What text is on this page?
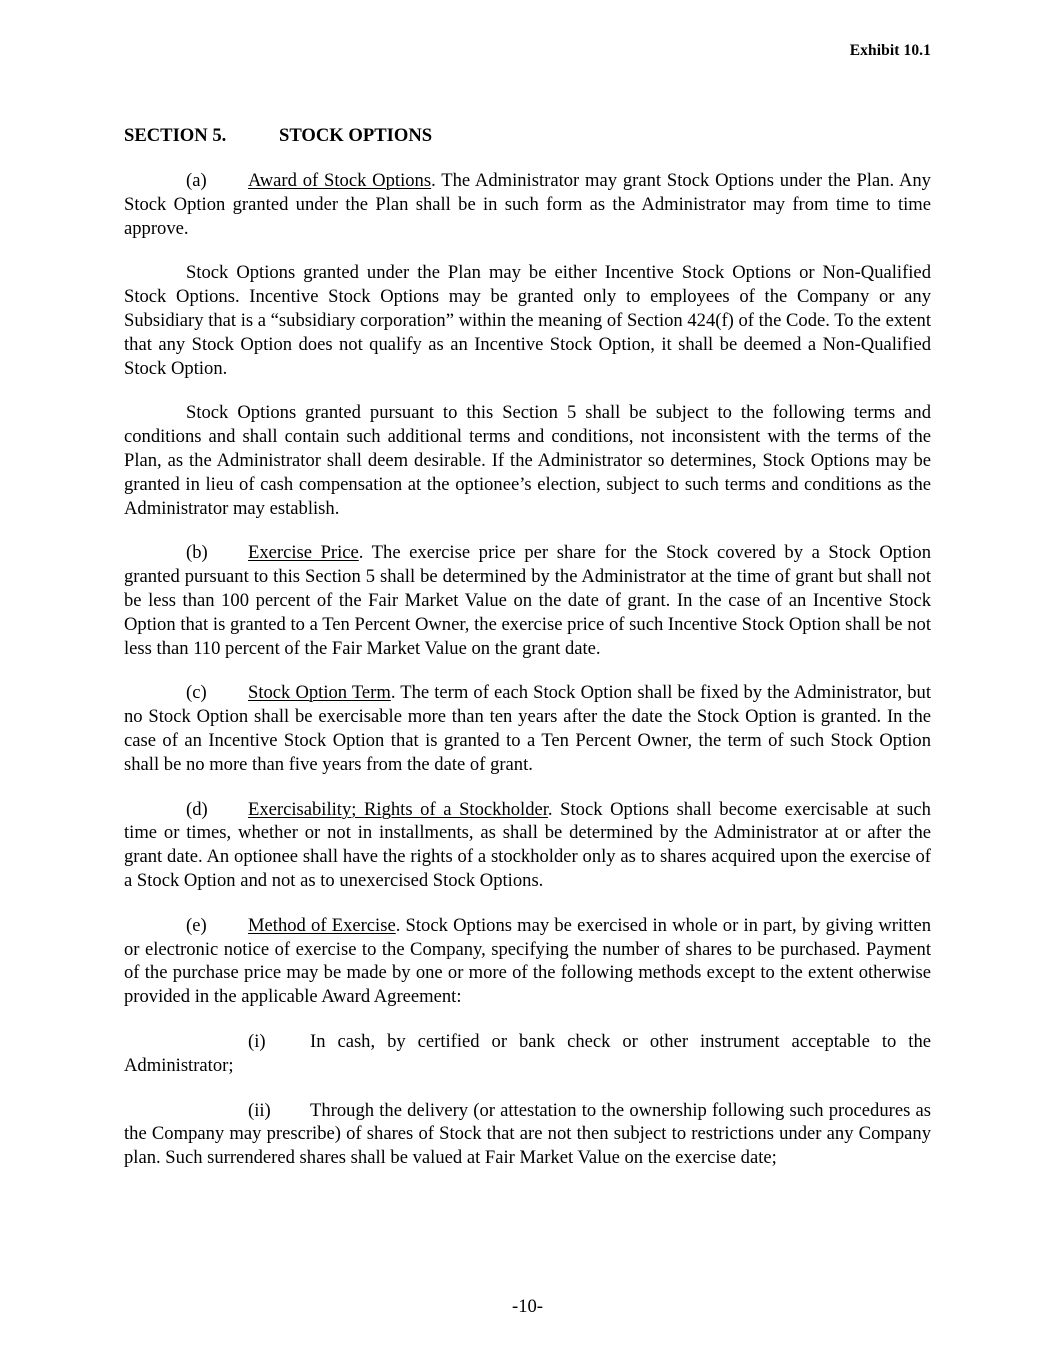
Exhibit 10.1
SECTION 5.	STOCK OPTIONS

(a) Award of Stock Options. The Administrator may grant Stock Options under the Plan. Any Stock Option granted under the Plan shall be in such form as the Administrator may from time to time approve.

Stock Options granted under the Plan may be either Incentive Stock Options or Non-Qualified Stock Options. Incentive Stock Options may be granted only to employees of the Company or any Subsidiary that is a “subsidiary corporation” within the meaning of Section 424(f) of the Code. To the extent that any Stock Option does not qualify as an Incentive Stock Option, it shall be deemed a Non-Qualified Stock Option.

Stock Options granted pursuant to this Section 5 shall be subject to the following terms and conditions and shall contain such additional terms and conditions, not inconsistent with the terms of the Plan, as the Administrator shall deem desirable. If the Administrator so determines, Stock Options may be granted in lieu of cash compensation at the optionee’s election, subject to such terms and conditions as the Administrator may establish.

(b) Exercise Price. The exercise price per share for the Stock covered by a Stock Option granted pursuant to this Section 5 shall be determined by the Administrator at the time of grant but shall not be less than 100 percent of the Fair Market Value on the date of grant. In the case of an Incentive Stock Option that is granted to a Ten Percent Owner, the exercise price of such Incentive Stock Option shall be not less than 110 percent of the Fair Market Value on the grant date.

(c) Stock Option Term. The term of each Stock Option shall be fixed by the Administrator, but no Stock Option shall be exercisable more than ten years after the date the Stock Option is granted. In the case of an Incentive Stock Option that is granted to a Ten Percent Owner, the term of such Stock Option shall be no more than five years from the date of grant.

(d) Exercisability; Rights of a Stockholder. Stock Options shall become exercisable at such time or times, whether or not in installments, as shall be determined by the Administrator at or after the grant date. An optionee shall have the rights of a stockholder only as to shares acquired upon the exercise of a Stock Option and not as to unexercised Stock Options.

(e) Method of Exercise. Stock Options may be exercised in whole or in part, by giving written or electronic notice of exercise to the Company, specifying the number of shares to be purchased. Payment of the purchase price may be made by one or more of the following methods except to the extent otherwise provided in the applicable Award Agreement:

(i) In cash, by certified or bank check or other instrument acceptable to the Administrator;

(ii) Through the delivery (or attestation to the ownership following such procedures as the Company may prescribe) of shares of Stock that are not then subject to restrictions under any Company plan. Such surrendered shares shall be valued at Fair Market Value on the exercise date;

-10-
